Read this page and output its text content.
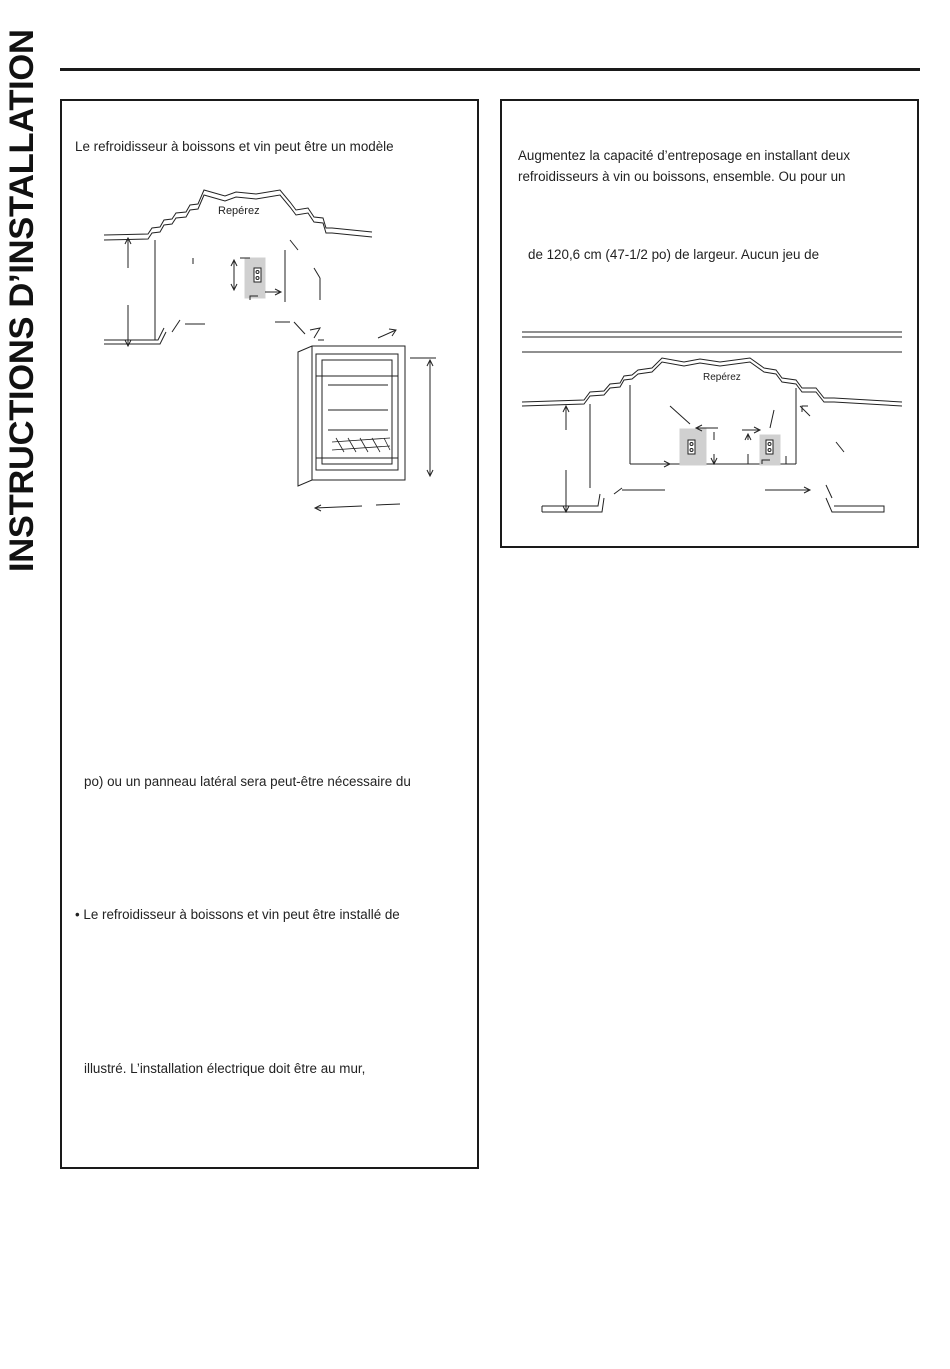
INSTRUCTIONS D’INSTALLATION	Le refroidisseur à boissons et vin peut être un modèle
Repérez
po) ou un panneau latéral sera peut-être nécessaire du
• Le refroidisseur à boissons et vin peut être installé de
illustré. L’installation électrique doit être au mur,
Augmentez la capacité d’entreposage en installant deux
refroidisseurs à vin ou boissons, ensemble. Ou pour un
de 120,6 cm (47-1/2 po) de largeur. Aucun jeu de
Repérez
